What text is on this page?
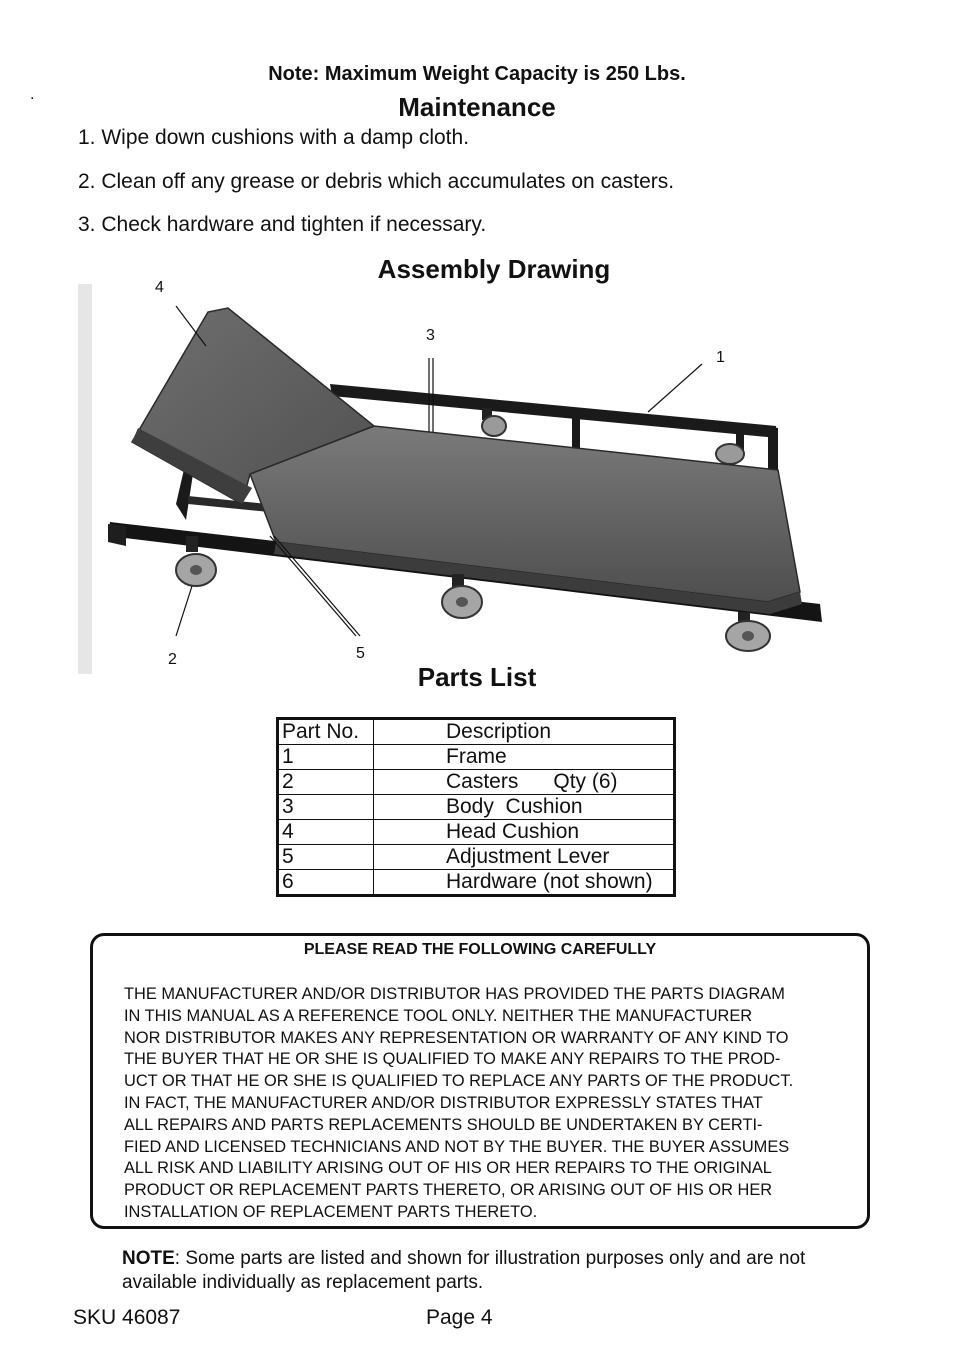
Note: Maximum Weight Capacity is 250 Lbs.
.	Maintenance
1. Wipe down cushions with a damp cloth.
2. Clean off any grease or debris which accumulates on casters.
3. Check hardware and tighten if necessary.
Assembly Drawing
4
3
1
2	5
Parts List
Part No.	Description
1	Frame
2	Casters      Qty (6)
3	Body  Cushion
4	Head Cushion
5	Adjustment Lever
6	Hardware (not shown)
PLEASE READ THE FOLLOWING CAREFULLY
THE MANUFACTURER AND/OR DISTRIBUTOR HAS PROVIDED THE PARTS DIAGRAM
IN THIS MANUAL AS A REFERENCE TOOL ONLY. NEITHER THE MANUFACTURER
NOR DISTRIBUTOR MAKES ANY REPRESENTATION OR WARRANTY OF ANY KIND TO
THE BUYER THAT HE OR SHE IS QUALIFIED TO MAKE ANY REPAIRS TO THE PROD-
UCT OR THAT HE OR SHE IS QUALIFIED TO REPLACE ANY PARTS OF THE PRODUCT.
IN FACT, THE MANUFACTURER AND/OR DISTRIBUTOR EXPRESSLY STATES THAT
ALL REPAIRS AND PARTS REPLACEMENTS SHOULD BE UNDERTAKEN BY CERTI-
FIED AND LICENSED TECHNICIANS AND NOT BY THE BUYER. THE BUYER ASSUMES
ALL RISK AND LIABILITY ARISING OUT OF HIS OR HER REPAIRS TO THE ORIGINAL
PRODUCT OR REPLACEMENT PARTS THERETO, OR ARISING OUT OF HIS OR HER
INSTALLATION OF REPLACEMENT PARTS THERETO.
NOTE: Some parts are listed and shown for illustration purposes only and are not available individually as replacement parts.
SKU 46087	Page 4
